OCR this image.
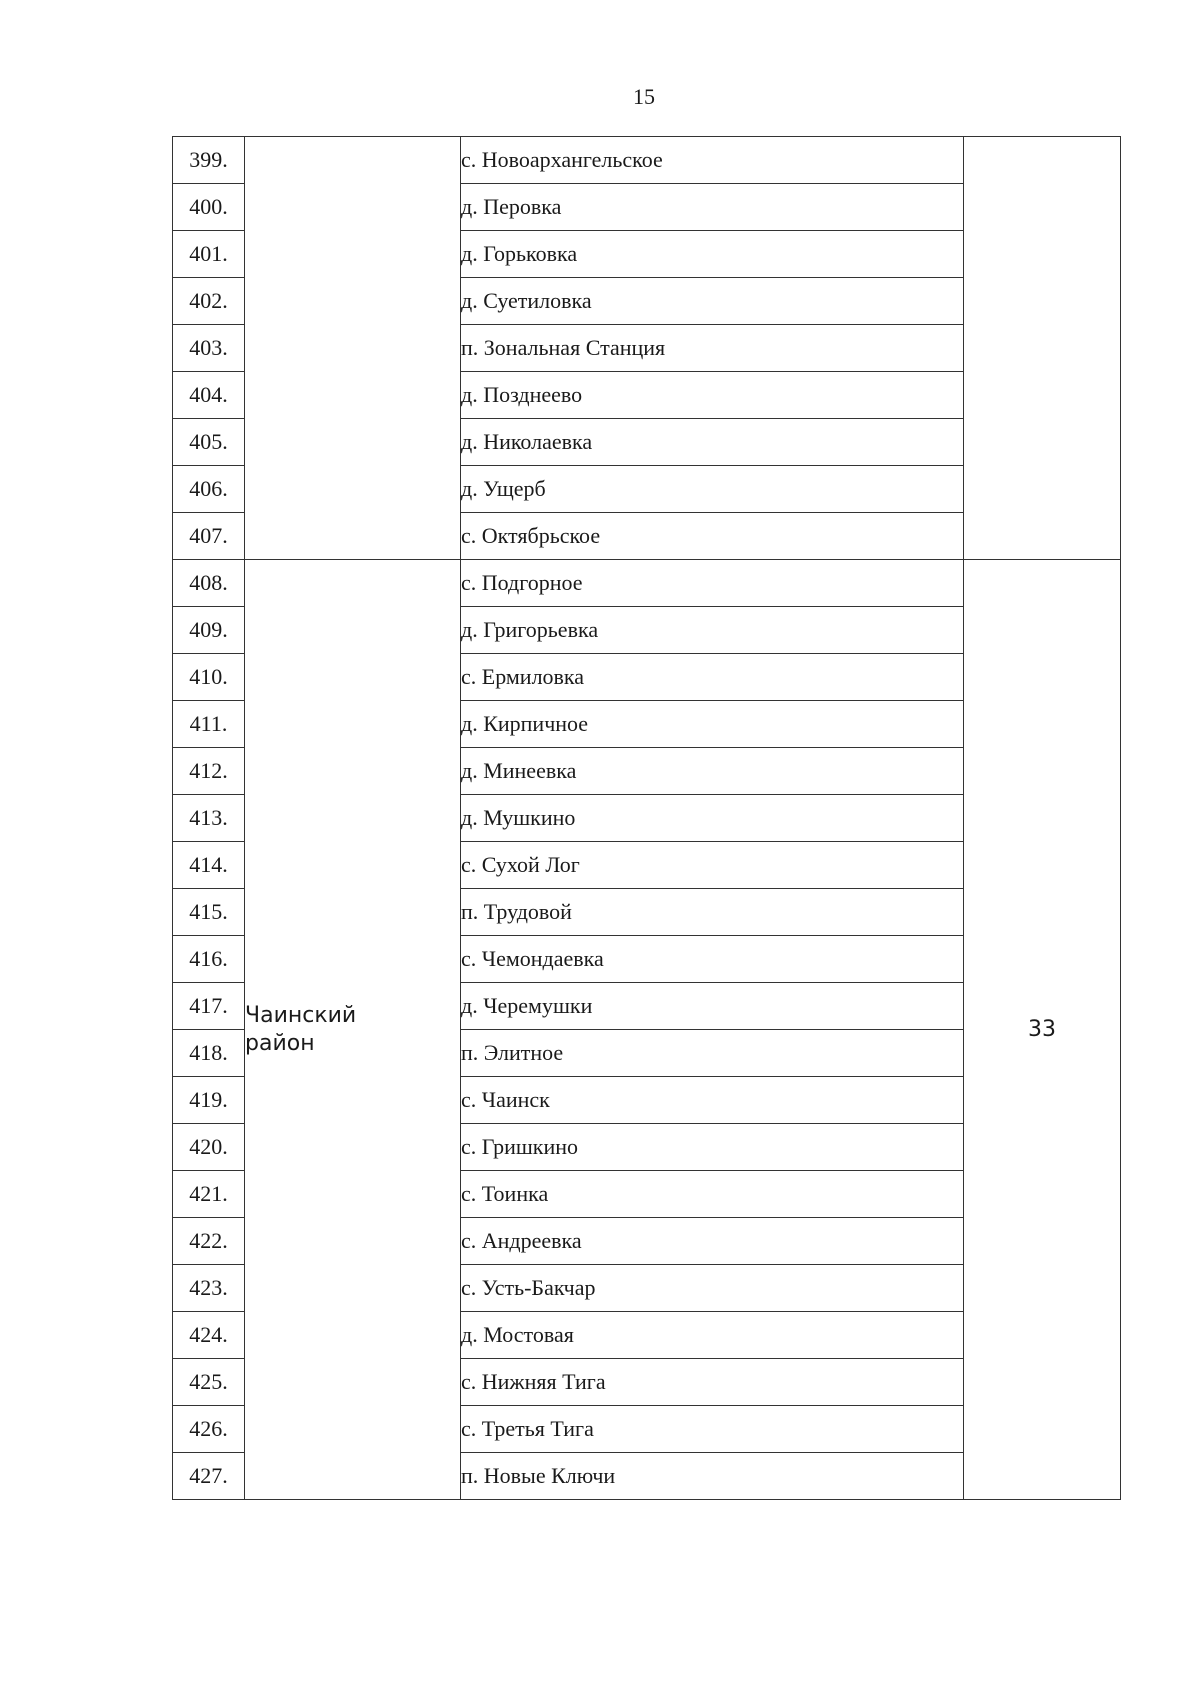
15
399.		с. Новоархангельское	
400.		д. Перовка	
401.		д. Горьковка	
402.		д. Суетиловка	
403.		п. Зональная Станция	
404.		д. Позднеево	
405.		д. Николаевка	
406.		д. Ущерб	
407.		с. Октябрьское	
408.	Чаинский район	с. Подгорное	33
409.		д. Григорьевка	
410.		с. Ермиловка	
411.		д. Кирпичное	
412.		д. Минеевка	
413.		д. Мушкино	
414.		с. Сухой Лог	
415.		п. Трудовой	
416.		с. Чемондаевка	
417.		д. Черемушки	
418.		п. Элитное	
419.		с. Чаинск	
420.		с. Гришкино	
421.		с. Тоинка	
422.		с. Андреевка	
423.		с. Усть-Бакчар	
424.		д. Мостовая	
425.		с. Нижняя Тига	
426.		с. Третья Тига	
427.		п. Новые Ключи	
